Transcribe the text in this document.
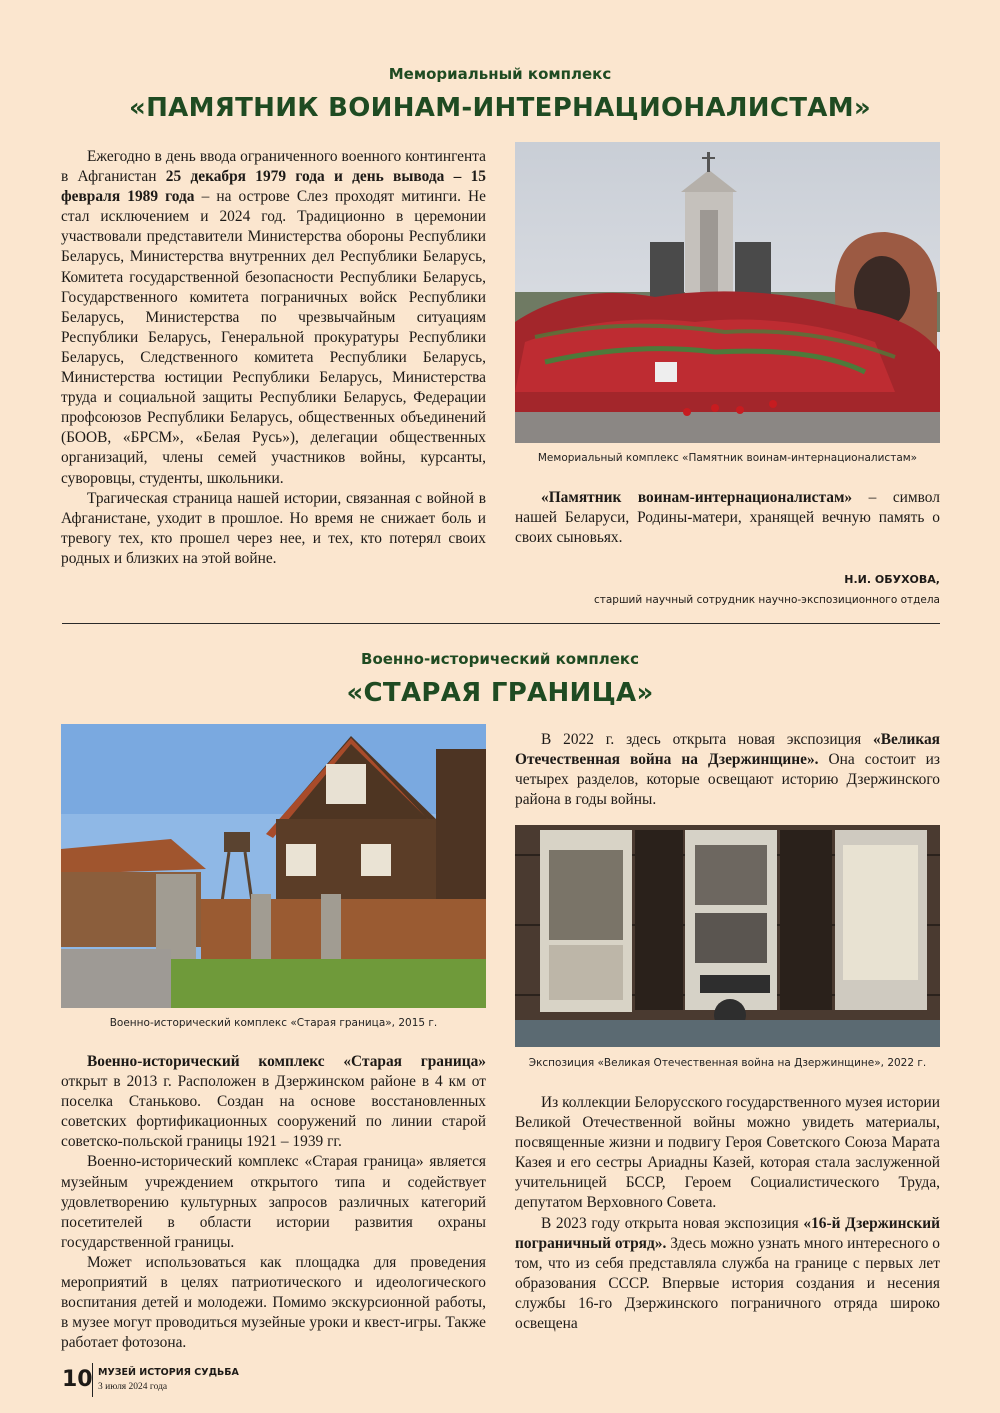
Мемориальный комплекс
«ПАМЯТНИК ВОИНАМ-ИНТЕРНАЦИОНАЛИСТАМ»

Ежегодно в день ввода ограниченного военного контингента в Афганистан 25 декабря 1979 года и день вывода – 15 февраля 1989 года – на острове Слез проходят митинги. Не стал исключением и 2024 год. Традиционно в церемонии участвовали представители Министерства обороны Республики Беларусь, Министерства внутренних дел Республики Беларусь, Комитета государственной безопасности Республики Беларусь, Государственного комитета пограничных войск Республики Беларусь, Министерства по чрезвычайным ситуациям Республики Беларусь, Генеральной прокуратуры Республики Беларусь, Следственного комитета Республики Беларусь, Министерства юстиции Республики Беларусь, Министерства труда и социальной защиты Республики Беларусь, Федерации профсоюзов Республики Беларусь, общественных объединений (БООВ, «БРСМ», «Белая Русь»), делегации общественных организаций, члены семей участников войны, курсанты, суворовцы, студенты, школьники.

Трагическая страница нашей истории, связанная с войной в Афганистане, уходит в прошлое. Но время не снижает боль и тревогу тех, кто прошел через нее, и тех, кто потерял своих родных и близких на этой войне.

Мемориальный комплекс «Памятник воинам-интернационалистам»

«Памятник воинам-интернационалистам» – символ нашей Беларуси, Родины-матери, хранящей вечную память о своих сыновьях.

Н.И. ОБУХОВА,
старший научный сотрудник научно-экспозиционного отдела
Военно-исторический комплекс
«СТАРАЯ ГРАНИЦА»
Военно-исторический комплекс «Старая граница», 2015 г.

Военно-исторический комплекс «Старая граница» открыт в 2013 г. Расположен в Дзержинском районе в 4 км от поселка Станьково. Создан на основе восстановленных советских фортификационных сооружений по линии старой советско-польской границы 1921 – 1939 гг.

Военно-исторический комплекс «Старая граница» является музейным учреждением открытого типа и содействует удовлетворению культурных запросов различных категорий посетителей в области истории развития охраны государственной границы.

Может использоваться как площадка для проведения мероприятий в целях патриотического и идеологического воспитания детей и молодежи. Помимо экскурсионной работы, в музее могут проводиться музейные уроки и квест-игры. Также работает фотозона.

В 2022 г. здесь открыта новая экспозиция «Великая Отечественная война на Дзержинщине». Она состоит из четырех разделов, которые освещают историю Дзержинского района в годы войны.

Экспозиция «Великая Отечественная война на Дзержинщине», 2022 г.

Из коллекции Белорусского государственного музея истории Великой Отечественной войны можно увидеть материалы, посвященные жизни и подвигу Героя Советского Союза Марата Казея и его сестры Ариадны Казей, которая стала заслуженной учительницей БССР, Героем Социалистического Труда, депутатом Верховного Совета.

В 2023 году открыта новая экспозиция «16-й Дзержинский пограничный отряд». Здесь можно узнать много интересного о том, что из себя представляла служба на границе с первых лет образования СССР. Впервые история создания и несения службы 16-го Дзержинского пограничного отряда широко освещена

10 МУЗЕЙ ИСТОРИЯ СУДЬБА
3 июля 2024 года
